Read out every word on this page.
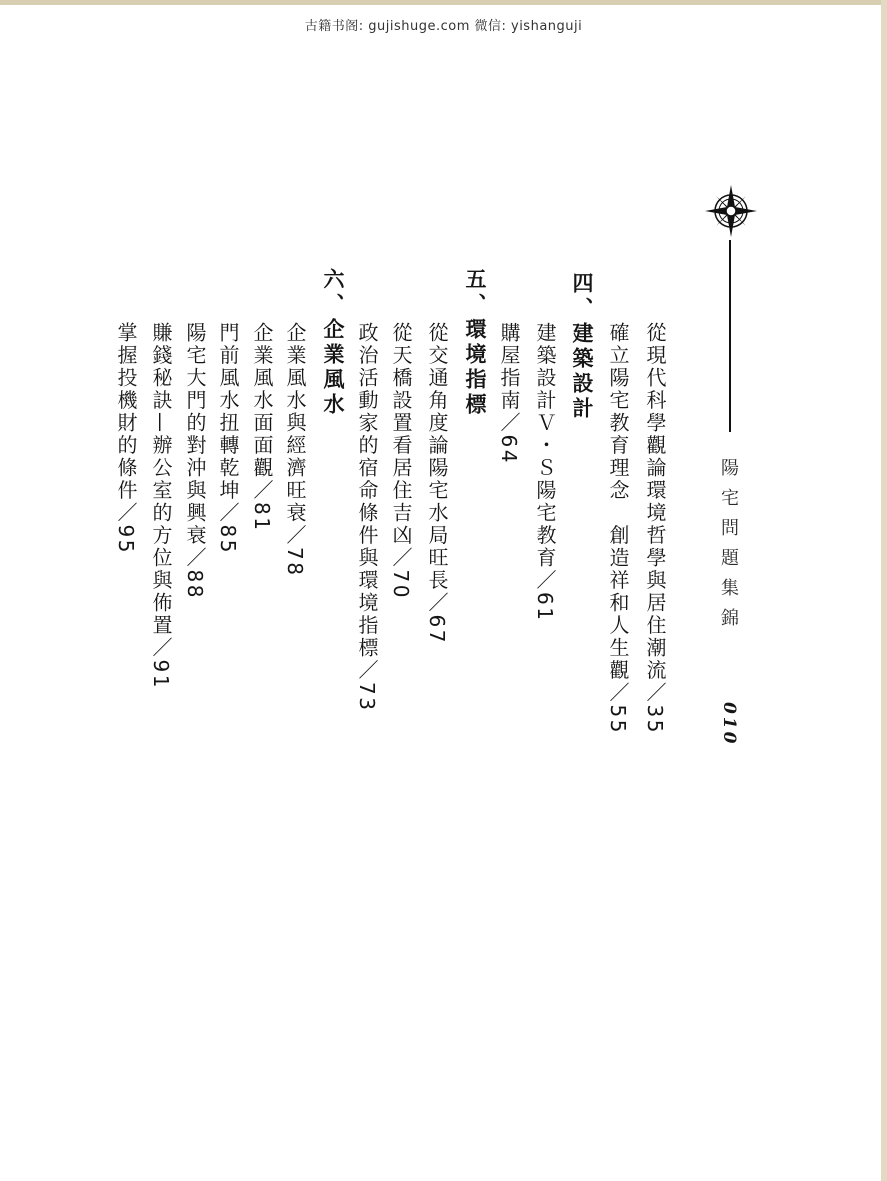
古籍书阁: gujishuge.com 微信: yishanguji
陽宅問題集錦
010
從現代科學觀論環境哲學與居住潮流／35
確立陽宅教育理念　創造祥和人生觀／55
四、建築設計
建築設計Ｖ・Ｓ陽宅教育／61
購屋指南／64
五、環境指標
從交通角度論陽宅水局旺長／67
從天橋設置看居住吉凶／70
政治活動家的宿命條件與環境指標／73
六、企業風水
企業風水與經濟旺衰／78
企業風水面面觀／81
門前風水扭轉乾坤／85
陽宅大門的對沖與興衰／88
賺錢秘訣—辦公室的方位與佈置／91
掌握投機財的條件／95
